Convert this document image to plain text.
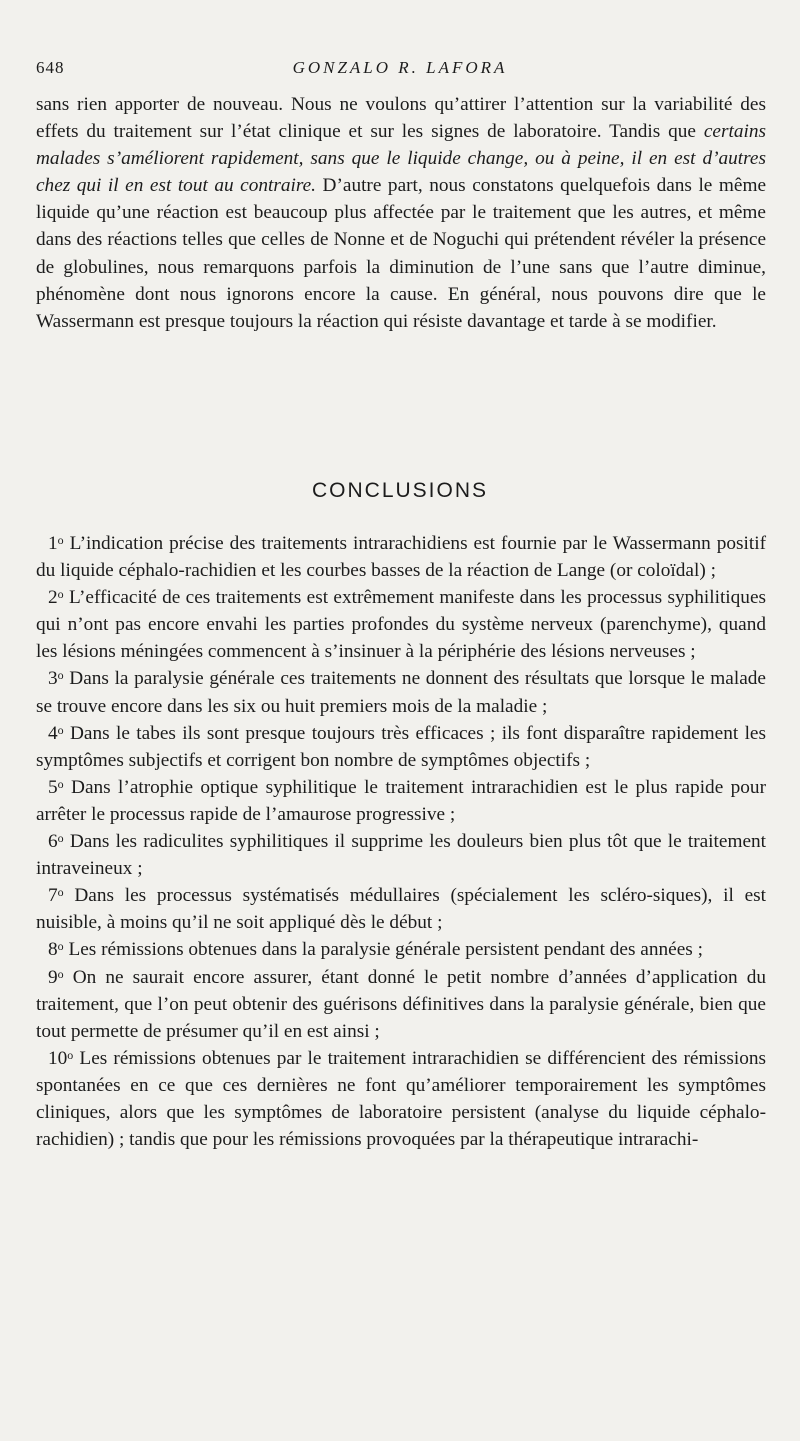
648	GONZALO R. LAFORA

sans rien apporter de nouveau. Nous ne voulons qu’attirer l’attention sur la variabilité des effets du traitement sur l’état clinique et sur les signes de laboratoire. Tandis que certains malades s’améliorent rapidement, sans que le liquide change, ou à peine, il en est d’autres chez qui il en est tout au contraire. D’autre part, nous constatons quelquefois dans le même liquide qu’une réaction est beaucoup plus affectée par le traitement que les autres, et même dans des réactions telles que celles de Nonne et de Noguchi qui prétendent révéler la présence de globulines, nous remarquons parfois la diminution de l’une sans que l’autre diminue, phénomène dont nous ignorons encore la cause. En général, nous pouvons dire que le Wassermann est presque toujours la réaction qui résiste davantage et tarde à se modifier.

CONCLUSIONS

1$^o$ L’indication précise des traitements intrarachidiens est fournie par le Wassermann positif du liquide céphalo-rachidien et les courbes basses de la réaction de Lange (or coloïdal) ;

2$^o$ L’efficacité de ces traitements est extrêmement manifeste dans les processus syphilitiques qui n’ont pas encore envahi les parties profondes du système nerveux (parenchyme), quand les lésions méningées commencent à s’insinuer à la périphérie des lésions nerveuses ;

3$^o$ Dans la paralysie générale ces traitements ne donnent des résultats que lorsque le malade se trouve encore dans les six ou huit premiers mois de la maladie ;

4$^o$ Dans le tabes ils sont presque toujours très efficaces ; ils font disparaître rapidement les symptômes subjectifs et corrigent bon nombre de symptômes objectifs ;

5$^o$ Dans l’atrophie optique syphilitique le traitement intrarachidien est le plus rapide pour arrêter le processus rapide de l’amaurose progressive ;

6$^o$ Dans les radiculites syphilitiques il supprime les douleurs bien plus tôt que le traitement intraveineux ;

7$^o$ Dans les processus systématisés médullaires (spécialement les scléro-siques), il est nuisible, à moins qu’il ne soit appliqué dès le début ;

8$^o$ Les rémissions obtenues dans la paralysie générale persistent pendant des années ;

9$^o$ On ne saurait encore assurer, étant donné le petit nombre d’années d’application du traitement, que l’on peut obtenir des guérisons définitives dans la paralysie générale, bien que tout permette de présumer qu’il en est ainsi ;

10$^o$ Les rémissions obtenues par le traitement intrarachidien se différencient des rémissions spontanées en ce que ces dernières ne font qu’améliorer temporairement les symptômes cliniques, alors que les symptômes de laboratoire persistent (analyse du liquide céphalo-rachidien) ; tandis que pour les rémissions provoquées par la thérapeutique intrarachi-
